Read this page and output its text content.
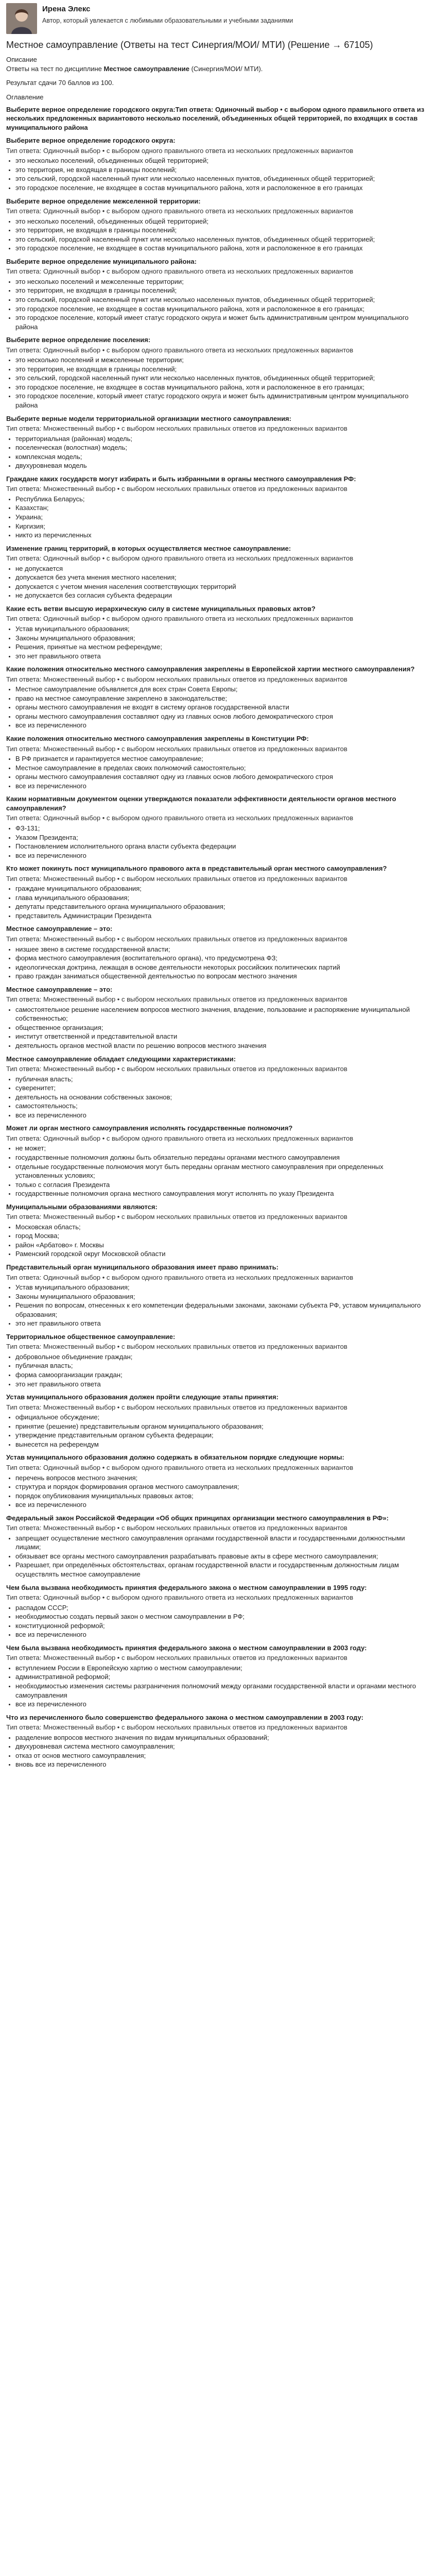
Ирена Элекс
Автор, который увлекается с любимыми образовательными и учебными заданиями
Местное самоуправление (Ответы на тест Синергия/МОИ/ МТИ) (Решение → 67105)
Описание
Ответы на тест по дисциплине Местное самоуправление (Синергия/МОИ/ МТИ).
Результат сдачи 70 баллов из 100.
Оглавление
Выберите верное определение городского округа:Тип ответа: Одиночный выбор • с выбором одного правильного ответа из нескольких предложенных вариантовото несколько поселений, объединенных общей территорией, по входящих в состав муниципального района
Выберите верное определение городского округа:
Тип ответа: Одиночный выбор • с выбором одного правильного ответа из нескольких предложенных вариантов
• это несколько поселений, объединенных общей территорией;
• это территория, не входящая в границы поселений;
• это сельский, городской населенный пункт или несколько населенных пунктов, объединенных общей территорией;
• это городское поселение, не входящее в состав муниципального района, хотя и расположенное в его границах
Выберите верное определение межселенной территории:
Тип ответа: Одиночный выбор • с выбором одного правильного ответа из нескольких предложенных вариантов
• это несколько поселений, объединенных общей территорией;
• это территория, не входящая в границы поселений;
• это сельский, городской населенный пункт или несколько населенных пунктов, объединенных общей территорией;
• это городское поселение, не входящее в состав муниципального района, хотя и расположенное в его границах
Выберите верное определение муниципального района:
Тип ответа: Одиночный выбор • с выбором одного правильного ответа из нескольких предложенных вариантов
• это несколько поселений и межселенные территории;
• это территория, не входящая в границы поселений;
• это сельский, городской населенный пункт или несколько населенных пунктов, объединенных общей территорией;
• это городское поселение, не входящее в состав муниципального района, хотя и расположенное в его границах;
• это городское поселение, который имеет статус городского округа и может быть административным центром муниципального района
Выберите верное определение поселения:
Тип ответа: Одиночный выбор • с выбором одного правильного ответа из нескольких предложенных вариантов
• это несколько поселений и межселенные территории;
• это территория, не входящая в границы поселений;
• это сельский, городской населенный пункт или несколько населенных пунктов, объединенных общей территорией;
• это городское поселение, не входящее в состав муниципального района, хотя и расположенное в его границах;
• это городское поселение, который имеет статус городского округа и может быть административным центром муниципального района
Выберите верные модели территориальной организации местного самоуправления:
Тип ответа: Множественный выбор • с выбором нескольких правильных ответов из предложенных вариантов
• территориальная (районная) модель;
• поселенческая (волостная) модель;
• комплексная модель;
• двухуровневая модель
Граждане каких государств могут избирать и быть избранными в органы местного самоуправления РФ:
Тип ответа: Множественный выбор • с выбором нескольких правильных ответов из предложенных вариантов
• Республика Беларусь;
• Казахстан;
• Украина;
• Киргизия;
• никто из перечисленных
Изменение границ территорий, в которых осуществляется местное самоуправление:
Тип ответа: Одиночный выбор • с выбором одного правильного ответа из нескольких предложенных вариантов
• не допускается
• допускается без учета мнения местного населения;
• допускается с учетом мнения населения соответствующих территорий
• не допускается без согласия субъекта федерации
Какие есть ветви высшую иерархическую силу в системе муниципальных правовых актов?
Тип ответа: Одиночный выбор • с выбором одного правильного ответа из нескольких предложенных вариантов
• Устав муниципального образования;
• Законы муниципального образования;
• Решения, принятые на местном референдуме;
• это нет правильного ответа
Какие положения относительно местного самоуправления закреплены в Европейской хартии местного самоуправления?
Тип ответа: Множественный выбор • с выбором нескольких правильных ответов из предложенных вариантов
• Местное самоуправление объявляется для всех стран Совета Европы;
• право на местное самоуправление закреплено в законодательстве;
• органы местного самоуправления не входят в систему органов государственной власти
• органы местного самоуправления составляют одну из главных основ любого демократического строя
• все из перечисленного
Какие положения относительно местного самоуправления закреплены в Конституции РФ:
Тип ответа: Множественный выбор • с выбором нескольких правильных ответов из предложенных вариантов
• В РФ признается и гарантируется местное самоуправление;
• Местное самоуправление в пределах своих полномочий самостоятельно;
• органы местного самоуправления составляют одну из главных основ любого демократического строя
• все из перечисленного
Каким нормативным документом оценки утверждаются показатели эффективности деятельности органов местного самоуправления?
Тип ответа: Одиночный выбор • с выбором одного правильного ответа из нескольких предложенных вариантов
• ФЗ-131;
• Указом Президента;
• Постановлением исполнительного органа власти субъекта федерации
• все из перечисленного
Кто может покинуть пост муниципального правового акта в представительный орган местного самоуправления?
Тип ответа: Множественный выбор • с выбором нескольких правильных ответов из предложенных вариантов
• граждане муниципального образования;
• глава муниципального образования;
• депутаты представительного органа муниципального образования;
• представитель Администрации Президента
Местное самоуправление – это:
Тип ответа: Множественный выбор • с выбором нескольких правильных ответов из предложенных вариантов
• низшее звено в системе государственной власти;
• форма местного самоуправления (воспитательного органа), что предусмотрена ФЗ;
• идеологическая доктрина, лежащая в основе деятельности некоторых российских политических партий
• право граждан заниматься общественной деятельностью по вопросам местного значения
Местное самоуправление – это:
Тип ответа: Множественный выбор • с выбором нескольких правильных ответов из предложенных вариантов
• самостоятельное решение населением вопросов местного значения, владение, пользование и распоряжение муниципальной собственностью;
• общественное организация;
• институт ответственной и представительной власти
• деятельность органов местной власти по решению вопросов местного значения
Местное самоуправление обладает следующими характеристиками:
Тип ответа: Множественный выбор • с выбором нескольких правильных ответов из предложенных вариантов
• публичная власть;
• суверенитет;
• деятельность на основании собственных законов;
• самостоятельность;
• все из перечисленного
Может ли орган местного самоуправления исполнять государственные полномочия?
Тип ответа: Одиночный выбор • с выбором одного правильного ответа из нескольких предложенных вариантов
• не может;
• государственные полномочия должны быть обязательно переданы органами местного самоуправления
• отдельные государственные полномочия могут быть переданы органам местного самоуправления при определенных установленных условиях;
• только с согласия Президента
• государственные полномочия органа местного самоуправления могут исполнять по указу Президента
Муниципальными образованиями являются:
Тип ответа: Множественный выбор • с выбором нескольких правильных ответов из предложенных вариантов
• Московская область;
• город Москва;
• район «Арбатово» г. Москвы
• Раменский городской округ Московской области
Представительный орган муниципального образования имеет право принимать:
Тип ответа: Одиночный выбор • с выбором одного правильного ответа из нескольких предложенных вариантов
• Устав муниципального образования;
• Законы муниципального образования;
• Решения по вопросам, отнесенных к его компетенции федеральными законами, законами субъекта РФ, уставом муниципального образования;
• это нет правильного ответа
Территориальное общественное самоуправление:
Тип ответа: Множественный выбор • с выбором нескольких правильных ответов из предложенных вариантов
• добровольное объединение граждан;
• публичная власть;
• форма самоорганизации граждан;
• это нет правильного ответа
Устав муниципального образования должен пройти следующие этапы принятия:
Тип ответа: Множественный выбор • с выбором нескольких правильных ответов из предложенных вариантов
• официальное обсуждение;
• принятие (решение) представительным органом муниципального образования;
• утверждение представительным органом субъекта федерации;
• вынесется на референдум
Устав муниципального образования должно содержать в обязательном порядке следующие нормы:
Тип ответа: Одиночный выбор • с выбором одного правильного ответа из нескольких предложенных вариантов
• перечень вопросов местного значения;
• структура и порядок формирования органов местного самоуправления;
• порядок опубликования муниципальных правовых актов;
• все из перечисленного
Федеральный закон Российской Федерации «Об общих принципах организации местного самоуправления в РФ»:
Тип ответа: Множественный выбор • с выбором нескольких правильных ответов из предложенных вариантов
• запрещает осуществление местного самоуправления органами государственной власти и государственными должностными лицами;
• обязывает все органы местного самоуправления разрабатывать правовые акты в сфере местного самоуправления;
• Разрешает, при определённых обстоятельствах, органам государственной власти и государственным должностным лицам осуществлять местное самоуправление
Чем была вызвана необходимость принятия федерального закона о местном самоуправлении в 1995 году:
Тип ответа: Одиночный выбор • с выбором одного правильного ответа из нескольких предложенных вариантов
• распадом СССР;
• необходимостью создать первый закон о местном самоуправлении в РФ;
• конституционной реформой;
• все из перечисленного
Чем была вызвана необходимость принятия федерального закона о местном самоуправлении в 2003 году:
Тип ответа: Множественный выбор • с выбором нескольких правильных ответов из предложенных вариантов
• вступлением России в Европейскую хартию о местном самоуправлении;
• административной реформой;
• необходимостью изменения системы разграничения полномочий между органами государственной власти и органами местного самоуправления
• все из перечисленного
Что из перечисленного было совершенство федерального закона о местном самоуправлении в 2003 году:
Тип ответа: Множественный выбор • с выбором нескольких правильных ответов из предложенных вариантов
• разделение вопросов местного значения по видам муниципальных образований;
• двухуровневая система местного самоуправления;
• отказ от основ местного самоуправления;
• вновь все из перечисленного
